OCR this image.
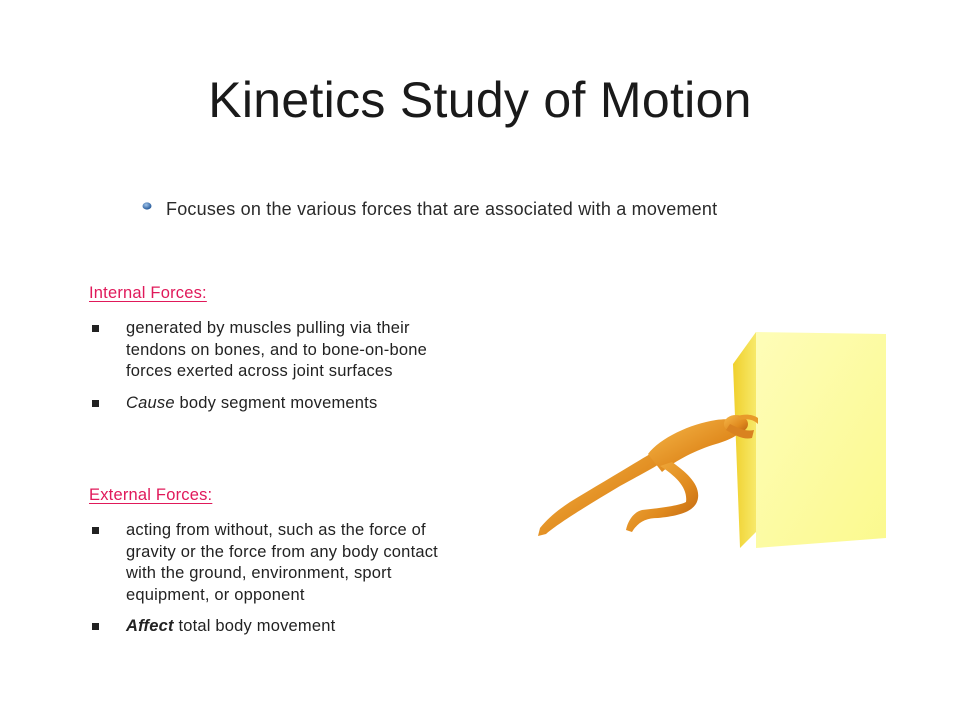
Kinetics Study of Motion
Focuses on the various forces that are associated with a movement
Internal Forces:
generated by muscles pulling via their tendons on bones, and to bone-on-bone forces exerted across joint surfaces
Cause body segment movements
External Forces:
acting from without, such as the force of gravity or the force from any body contact with the ground, environment, sport equipment, or opponent
Affect total body movement
